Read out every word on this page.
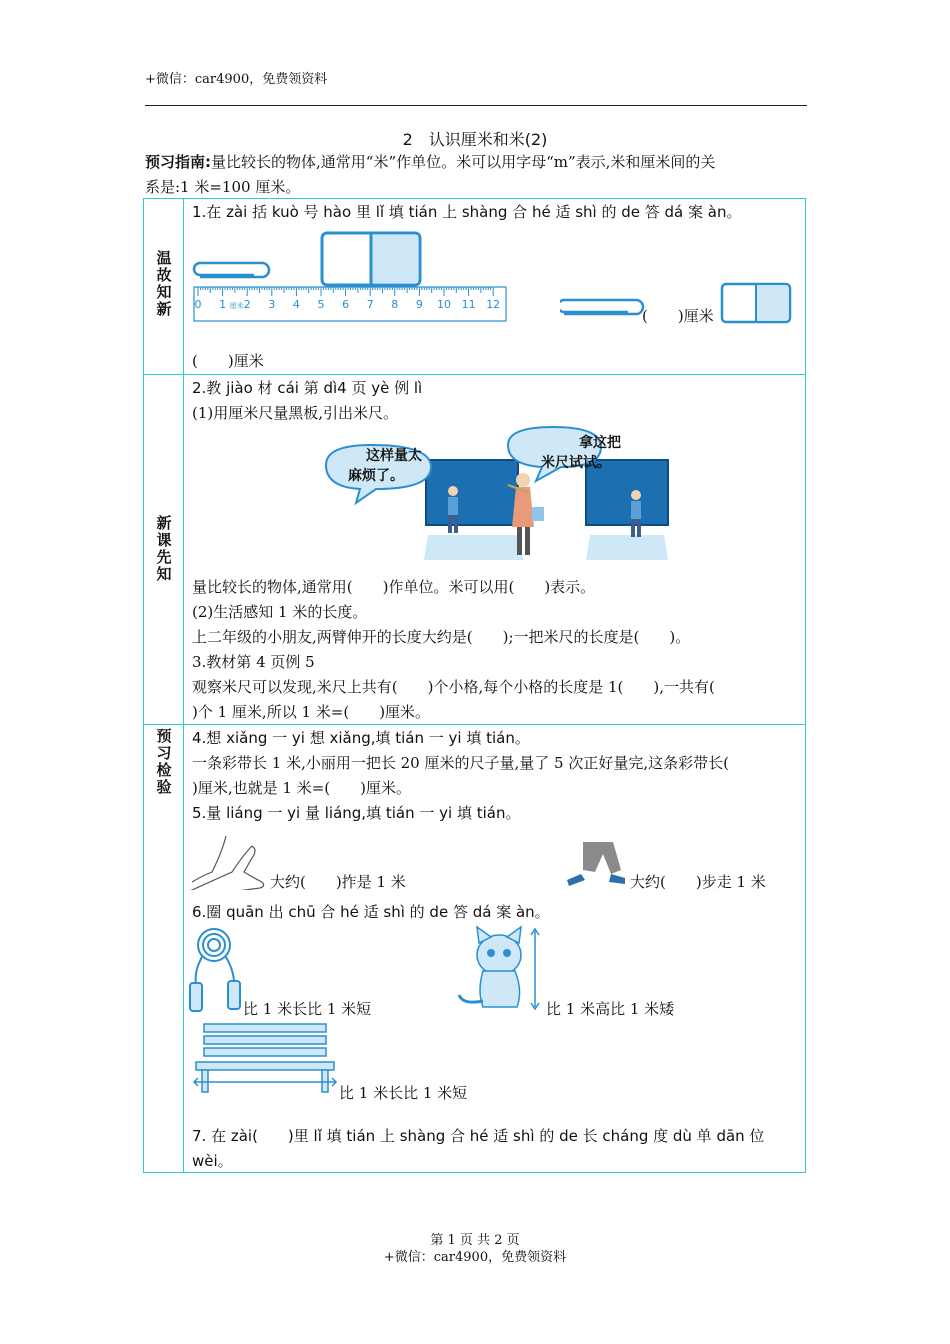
+微信：car4900，免费领资料
2　认识厘米和米(2)
预习指南:量比较长的物体,通常用“米”作单位。米可以用字母“m”表示,米和厘米间的关
系是:1 米=100 厘米。
温故知新
新课先知
预习检验
1.在 zài 括 kuò 号 hào 里 lǐ 填 tián 上 shàng 合 hé 适 shì 的 de 答 dá 案 àn。
0 1 2 3 4 5 6 7 8 9 10 11 12
厘米
(　　)厘米
(　　)厘米
2.教 jiào 材 cái 第 dì4 页 yè 例 lì
(1)用厘米尺量黑板,引出米尺。
这样量太
麻烦了。
拿这把
米尺试试。
量比较长的物体,通常用(　　)作单位。米可以用(　　)表示。
(2)生活感知 1 米的长度。
上二年级的小朋友,两臂伸开的长度大约是(　　);一把米尺的长度是(　　)。
3.教材第 4 页例 5
观察米尺可以发现,米尺上共有(　　)个小格,每个小格的长度是 1(　　),一共有(
)个 1 厘米,所以 1 米=(　　)厘米。
4.想 xiǎng 一 yi 想 xiǎng,填 tián 一 yi 填 tián。
一条彩带长 1 米,小丽用一把长 20 厘米的尺子量,量了 5 次正好量完,这条彩带长(
)厘米,也就是 1 米=(　　)厘米。
5.量 liáng 一 yi 量 liáng,填 tián 一 yi 填 tián。
大约(　　)拃是 1 米	大约(　　)步走 1 米
6.圈 quān 出 chū 合 hé 适 shì 的 de 答 dá 案 àn。
比 1 米长比 1 米短	比 1 米高比 1 米矮
比 1 米长比 1 米短
7. 在 zài(　　)里 lǐ 填 tián 上 shàng 合 hé 适 shì 的 de 长 cháng 度 dù 单 dān 位
wèi。
第 1 页 共 2 页
+微信：car4900，免费领资料
